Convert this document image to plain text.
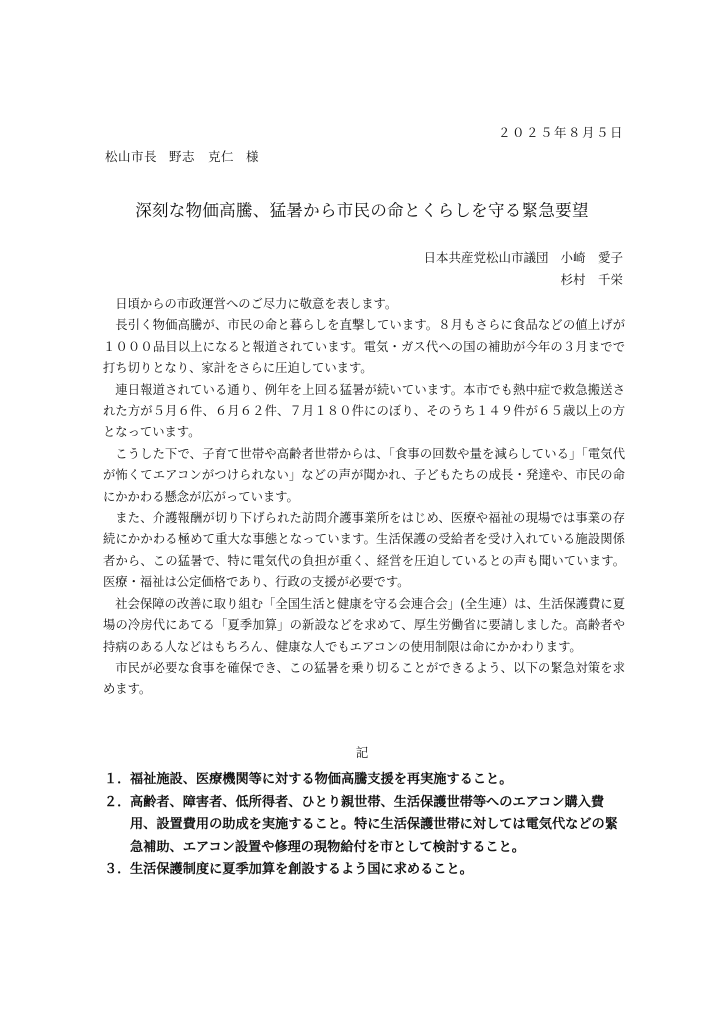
２０２５年８月５日
松山市長 野志　克仁 様
深刻な物価高騰、猛暑から市民の命とくらしを守る緊急要望
日本共産党松山市議団 小崎　愛子
杉村　千栄

日頃からの市政運営へのご尽力に敬意を表します。

長引く物価高騰が、市民の命と暮らしを直撃しています。８月もさらに食品などの値上げが１０００品目以上になると報道されています。電気・ガス代への国の補助が今年の３月までで打ち切りとなり、家計をさらに圧迫しています。

連日報道されている通り、例年を上回る猛暑が続いています。本市でも熱中症で救急搬送された方が５月６件、６月６２件、７月１８０件にのぼり、そのうち１４９件が６５歳以上の方となっています。

こうした下で、子育て世帯や高齢者世帯からは、「食事の回数や量を減らしている」「電気代が怖くてエアコンがつけられない」などの声が聞かれ、子どもたちの成長・発達や、市民の命にかかわる懸念が広がっています。

また、介護報酬が切り下げられた訪問介護事業所をはじめ、医療や福祉の現場では事業の存続にかかわる極めて重大な事態となっています。生活保護の受給者を受け入れている施設関係者から、この猛暑で、特に電気代の負担が重く、経営を圧迫しているとの声も聞いています。医療・福祉は公定価格であり、行政の支援が必要です。

社会保障の改善に取り組む「全国生活と健康を守る会連合会」(全生連）は、生活保護費に夏場の冷房代にあてる「夏季加算」の新設などを求めて、厚生労働省に要請しました。高齢者や持病のある人などはもちろん、健康な人でもエアコンの使用制限は命にかかわります。

市民が必要な食事を確保でき、この猛暑を乗り切ることができるよう、以下の緊急対策を求めます。

記
１． 福祉施設、医療機関等に対する物価高騰支援を再実施すること。
２． 高齢者、障害者、低所得者、ひとり親世帯、生活保護世帯等へのエアコン購入費用、設置費用の助成を実施すること。特に生活保護世帯に対しては電気代などの緊急補助、エアコン設置や修理の現物給付を市として検討すること。
３． 生活保護制度に夏季加算を創設するよう国に求めること。
